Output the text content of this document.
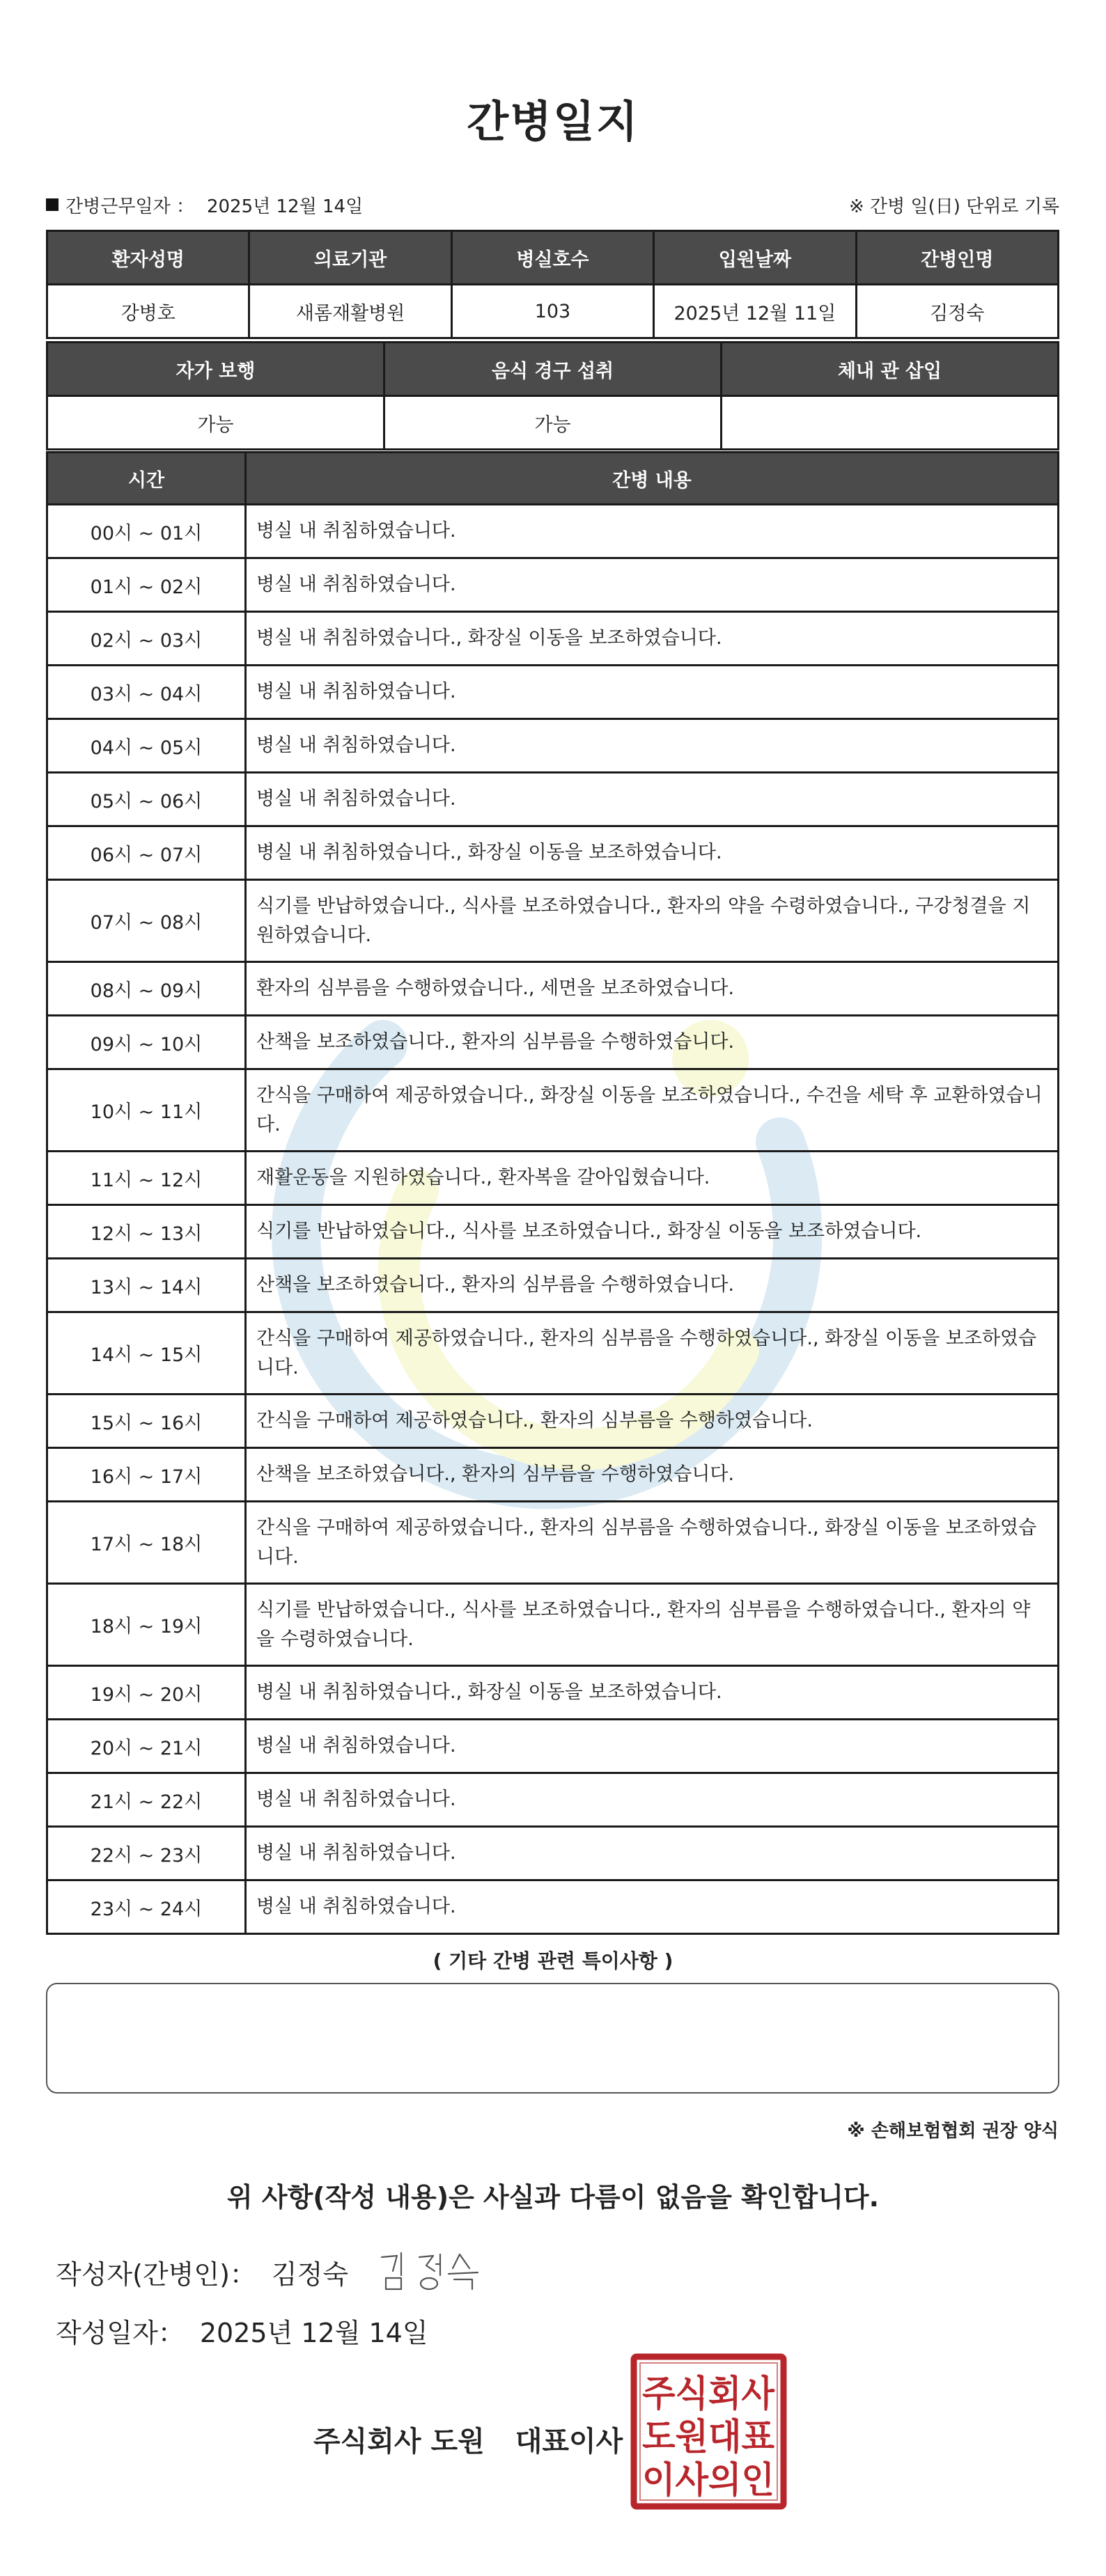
간병일지
간병근무일자 ： 2025년 12월 14일	※ 간병 일(日) 단위로 기록
환자성명	의료기관	병실호수	입원날짜	간병인명
강병호	새롬재활병원	103	2025년 12월 11일	김정숙
자가 보행	음식 경구 섭취	체내 관 삽입
가능	가능	
시간	간병 내용
00시 ~ 01시	병실 내 취침하였습니다.
01시 ~ 02시	병실 내 취침하였습니다.
02시 ~ 03시	병실 내 취침하였습니다., 화장실 이동을 보조하였습니다.
03시 ~ 04시	병실 내 취침하였습니다.
04시 ~ 05시	병실 내 취침하였습니다.
05시 ~ 06시	병실 내 취침하였습니다.
06시 ~ 07시	병실 내 취침하였습니다., 화장실 이동을 보조하였습니다.
07시 ~ 08시	식기를 반납하였습니다., 식사를 보조하였습니다., 환자의 약을 수령하였습니다., 구강청결을 지원하였습니다.
08시 ~ 09시	환자의 심부름을 수행하였습니다., 세면을 보조하였습니다.
09시 ~ 10시	산책을 보조하였습니다., 환자의 심부름을 수행하였습니다.
10시 ~ 11시	간식을 구매하여 제공하였습니다., 화장실 이동을 보조하였습니다., 수건을 세탁 후 교환하였습니다.
11시 ~ 12시	재활운동을 지원하였습니다., 환자복을 갈아입혔습니다.
12시 ~ 13시	식기를 반납하였습니다., 식사를 보조하였습니다., 화장실 이동을 보조하였습니다.
13시 ~ 14시	산책을 보조하였습니다., 환자의 심부름을 수행하였습니다.
14시 ~ 15시	간식을 구매하여 제공하였습니다., 환자의 심부름을 수행하였습니다., 화장실 이동을 보조하였습니다.
15시 ~ 16시	간식을 구매하여 제공하였습니다., 환자의 심부름을 수행하였습니다.
16시 ~ 17시	산책을 보조하였습니다., 환자의 심부름을 수행하였습니다.
17시 ~ 18시	간식을 구매하여 제공하였습니다., 환자의 심부름을 수행하였습니다., 화장실 이동을 보조하였습니다.
18시 ~ 19시	식기를 반납하였습니다., 식사를 보조하였습니다., 환자의 심부름을 수행하였습니다., 환자의 약을 수령하였습니다.
19시 ~ 20시	병실 내 취침하였습니다., 화장실 이동을 보조하였습니다.
20시 ~ 21시	병실 내 취침하였습니다.
21시 ~ 22시	병실 내 취침하였습니다.
22시 ~ 23시	병실 내 취침하였습니다.
23시 ~ 24시	병실 내 취침하였습니다.
( 기타 간병 관련 특이사항 )
※ 손해보험협회 권장 양식
위 사항(작성 내용)은 사실과 다름이 없음을 확인합니다.
작성자(간병인)： 김정숙
작성일자： 2025년 12월 14일
주식회사 도원 대표이사
주식회사
도원대표
이사의인
